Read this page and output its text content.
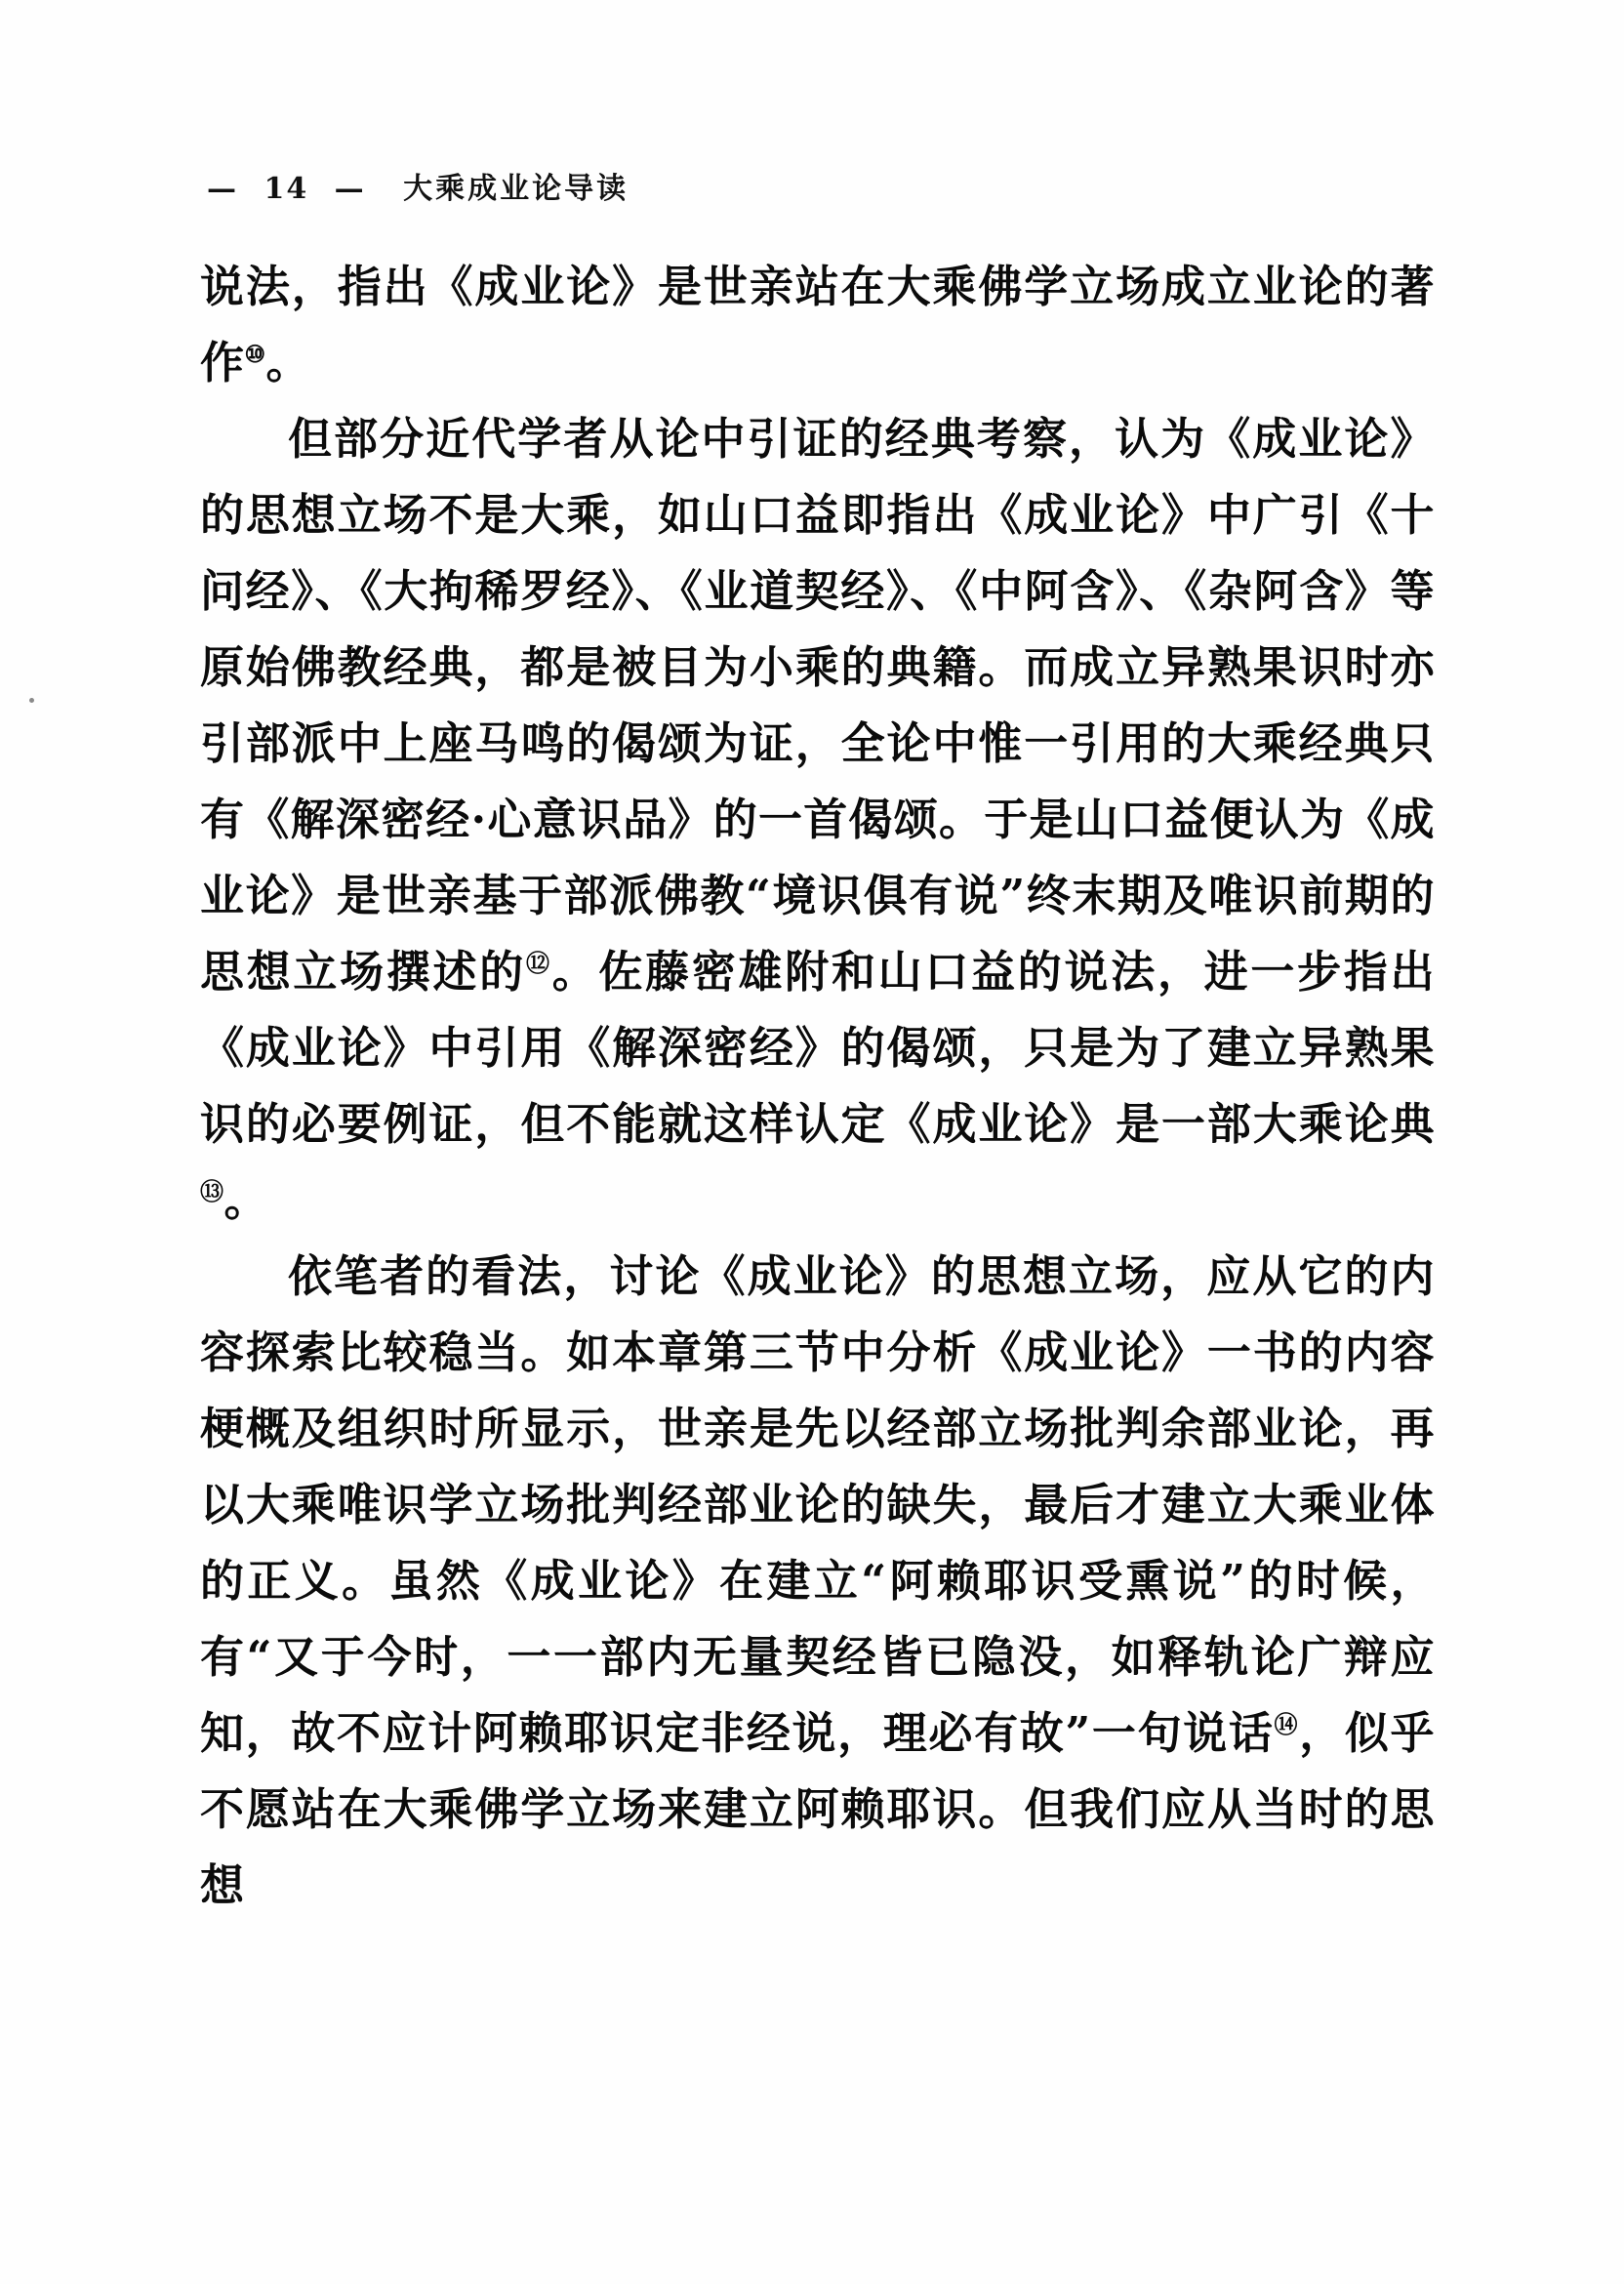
— 14 — 大乘成业论导读

说法，指出《成业论》是世亲站在大乘佛学立场成立业论的著作⑩。

但部分近代学者从论中引证的经典考察，认为《成业论》的思想立场不是大乘，如山口益即指出《成业论》中广引《十问经》、《大拘稀罗经》、《业道契经》、《中阿含》、《杂阿含》等原始佛教经典，都是被目为小乘的典籍。而成立异熟果识时亦引部派中上座马鸣的偈颂为证，全论中惟一引用的大乘经典只有《解深密经·心意识品》的一首偈颂。于是山口益便认为《成业论》是世亲基于部派佛教“境识俱有说”终末期及唯识前期的思想立场撰述的⑫。佐藤密雄附和山口益的说法，进一步指出《成业论》中引用《解深密经》的偈颂，只是为了建立异熟果识的必要例证，但不能就这样认定《成业论》是一部大乘论典⑬。

依笔者的看法，讨论《成业论》的思想立场，应从它的内容探索比较稳当。如本章第三节中分析《成业论》一书的内容梗概及组织时所显示，世亲是先以经部立场批判余部业论，再以大乘唯识学立场批判经部业论的缺失，最后才建立大乘业体的正义。虽然《成业论》在建立“阿赖耶识受熏说”的时候，有“又于今时，一一部内无量契经皆已隐没，如释轨论广辩应知，故不应计阿赖耶识定非经说，理必有故”一句说话⑭，似乎不愿站在大乘佛学立场来建立阿赖耶识。但我们应从当时的思想
